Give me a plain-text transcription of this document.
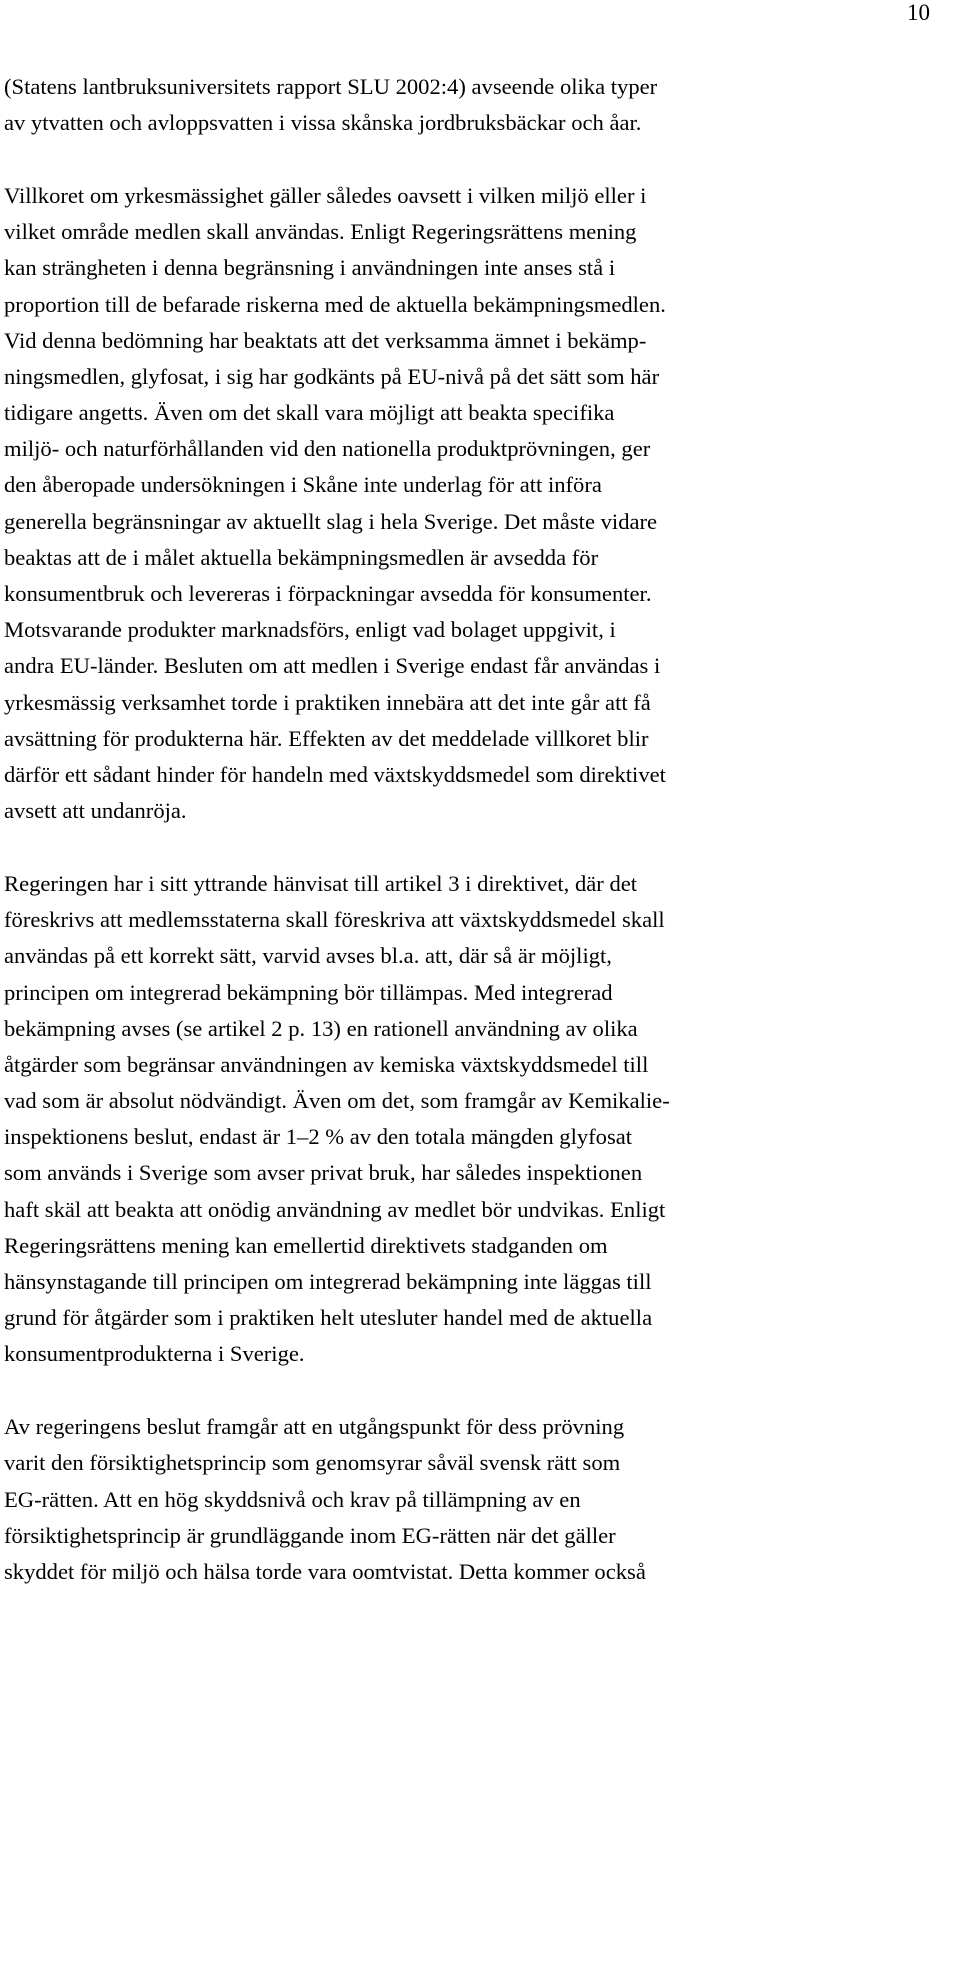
10

(Statens lantbruksuniversitets rapport SLU 2002:4) avseende olika typer
av ytvatten och avloppsvatten i vissa skånska jordbruksbäckar och åar.

Villkoret om yrkesmässighet gäller således oavsett i vilken miljö eller i
vilket område medlen skall användas. Enligt Regeringsrättens mening
kan strängheten i denna begränsning i användningen inte anses stå i
proportion till de befarade riskerna med de aktuella bekämpningsmedlen.
Vid denna bedömning har beaktats att det verksamma ämnet i bekämp-
ningsmedlen, glyfosat, i sig har godkänts på EU-nivå på det sätt som här
tidigare angetts. Även om det skall vara möjligt att beakta specifika
miljö- och naturförhållanden vid den nationella produktprövningen, ger
den åberopade undersökningen i Skåne inte underlag för att införa
generella begränsningar av aktuellt slag i hela Sverige. Det måste vidare
beaktas att de i målet aktuella bekämpningsmedlen är avsedda för
konsumentbruk och levereras i förpackningar avsedda för konsumenter.
Motsvarande produkter marknadsförs, enligt vad bolaget uppgivit, i
andra EU-länder. Besluten om att medlen i Sverige endast får användas i
yrkesmässig verksamhet torde i praktiken innebära att det inte går att få
avsättning för produkterna här. Effekten av det meddelade villkoret blir
därför ett sådant hinder för handeln med växtskyddsmedel som direktivet
avsett att undanröja.

Regeringen har i sitt yttrande hänvisat till artikel 3 i direktivet, där det
föreskrivs att medlemsstaterna skall föreskriva att växtskyddsmedel skall
användas på ett korrekt sätt, varvid avses bl.a. att, där så är möjligt,
principen om integrerad bekämpning bör tillämpas. Med integrerad
bekämpning avses (se artikel 2 p. 13) en rationell användning av olika
åtgärder som begränsar användningen av kemiska växtskyddsmedel till
vad som är absolut nödvändigt. Även om det, som framgår av Kemikalie-
inspektionens beslut, endast är 1–2 % av den totala mängden glyfosat
som används i Sverige som avser privat bruk, har således inspektionen
haft skäl att beakta att onödig användning av medlet bör undvikas. Enligt
Regeringsrättens mening kan emellertid direktivets stadganden om
hänsynstagande till principen om integrerad bekämpning inte läggas till
grund för åtgärder som i praktiken helt utesluter handel med de aktuella
konsumentprodukterna i Sverige.

Av regeringens beslut framgår att en utgångspunkt för dess prövning
varit den försiktighetsprincip som genomsyrar såväl svensk rätt som
EG-rätten. Att en hög skyddsnivå och krav på tillämpning av en
försiktighetsprincip är grundläggande inom EG-rätten när det gäller
skyddet för miljö och hälsa torde vara oomtvistat. Detta kommer också
